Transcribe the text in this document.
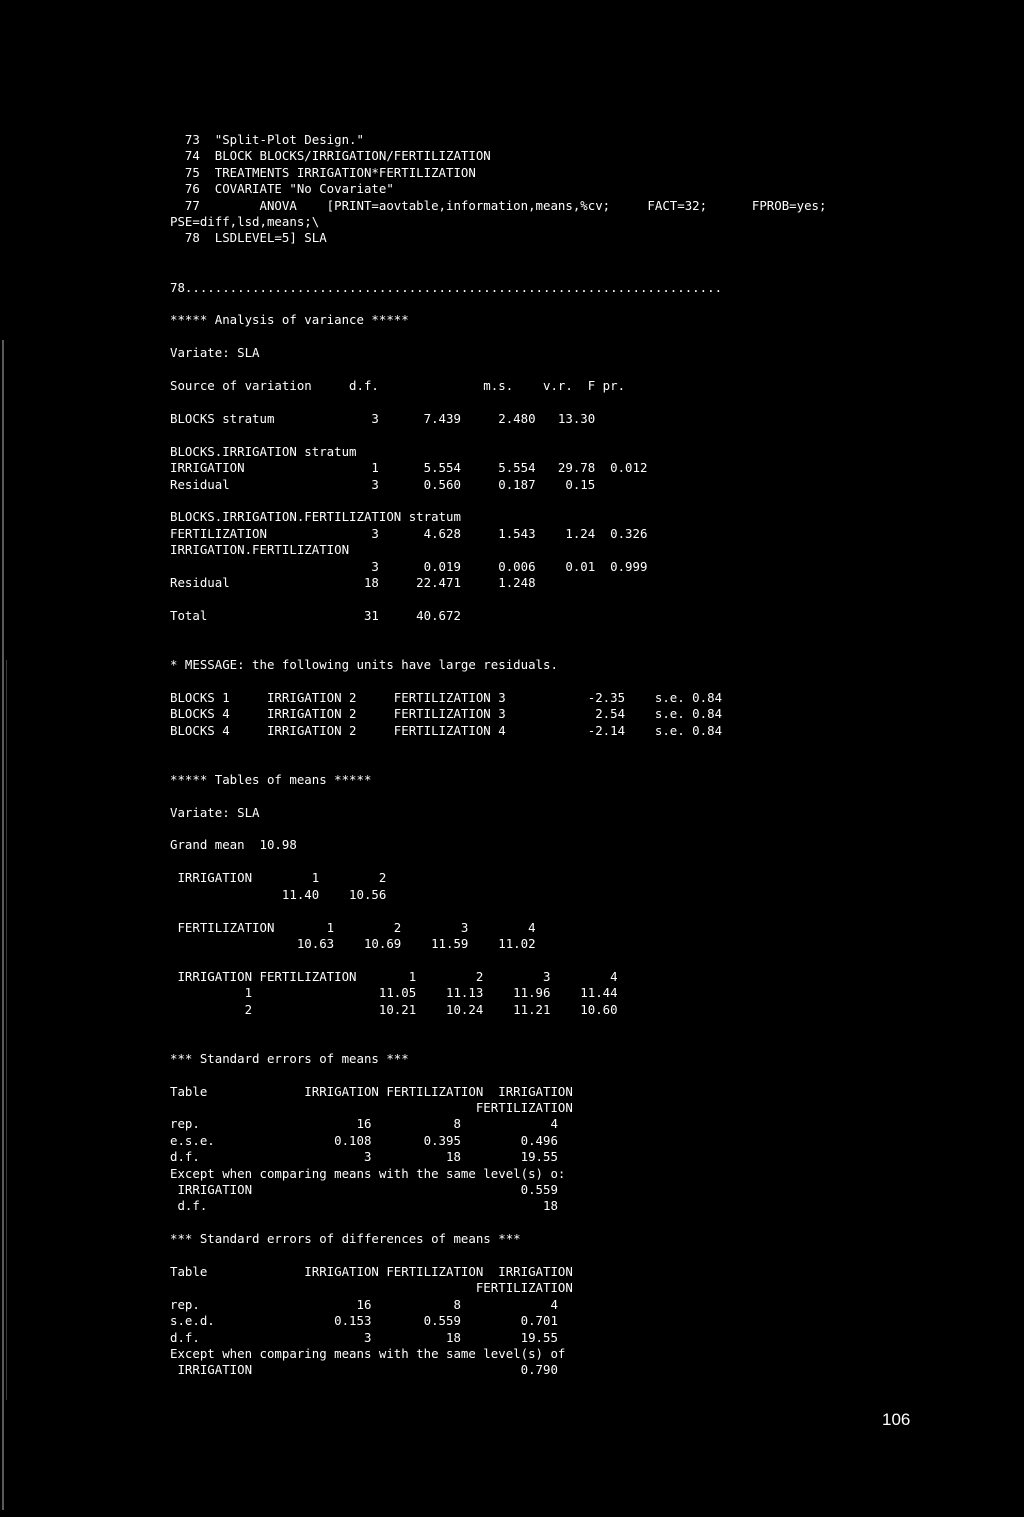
73  "Split-Plot Design."
74  BLOCK BLOCKS/IRRIGATION/FERTILIZATION
75  TREATMENTS IRRIGATION*FERTILIZATION
76  COVARIATE "No Covariate"
77        ANOVA    [PRINT=aovtable,information,means,%cv;     FACT=32;      FPROB=yes;
PSE=diff,lsd,means;\
78  LSDLEVEL=5] SLA

78........................................................................

***** Analysis of variance *****

Variate: SLA

Source of variation     d.f.              m.s.    v.r.  F pr.

BLOCKS stratum             3      7.439     2.480   13.30

BLOCKS.IRRIGATION stratum
IRRIGATION                 1      5.554     5.554   29.78  0.012
Residual                   3      0.560     0.187    0.15

BLOCKS.IRRIGATION.FERTILIZATION stratum
FERTILIZATION              3      4.628     1.543    1.24  0.326
IRRIGATION.FERTILIZATION
3      0.019     0.006    0.01  0.999
Residual                  18     22.471     1.248

Total                     31     40.672

* MESSAGE: the following units have large residuals.

BLOCKS 1     IRRIGATION 2     FERTILIZATION 3           -2.35    s.e. 0.84
BLOCKS 4     IRRIGATION 2     FERTILIZATION 3            2.54    s.e. 0.84
BLOCKS 4     IRRIGATION 2     FERTILIZATION 4           -2.14    s.e. 0.84

***** Tables of means *****

Variate: SLA

Grand mean  10.98

IRRIGATION        1        2
11.40    10.56

FERTILIZATION       1        2        3        4
10.63    10.69    11.59    11.02

IRRIGATION FERTILIZATION       1        2        3        4
1                 11.05    11.13    11.96    11.44
2                 10.21    10.24    11.21    10.60

*** Standard errors of means ***

Table             IRRIGATION FERTILIZATION  IRRIGATION
FERTILIZATION
rep.                     16           8            4
e.s.e.                0.108       0.395        0.496
d.f.                      3          18        19.55
Except when comparing means with the same level(s) o:
IRRIGATION                                    0.559
d.f.                                             18

*** Standard errors of differences of means ***

Table             IRRIGATION FERTILIZATION  IRRIGATION
FERTILIZATION
rep.                     16           8            4
s.e.d.                0.153       0.559        0.701
d.f.                      3          18        19.55
Except when comparing means with the same level(s) of
IRRIGATION                                    0.790

106
